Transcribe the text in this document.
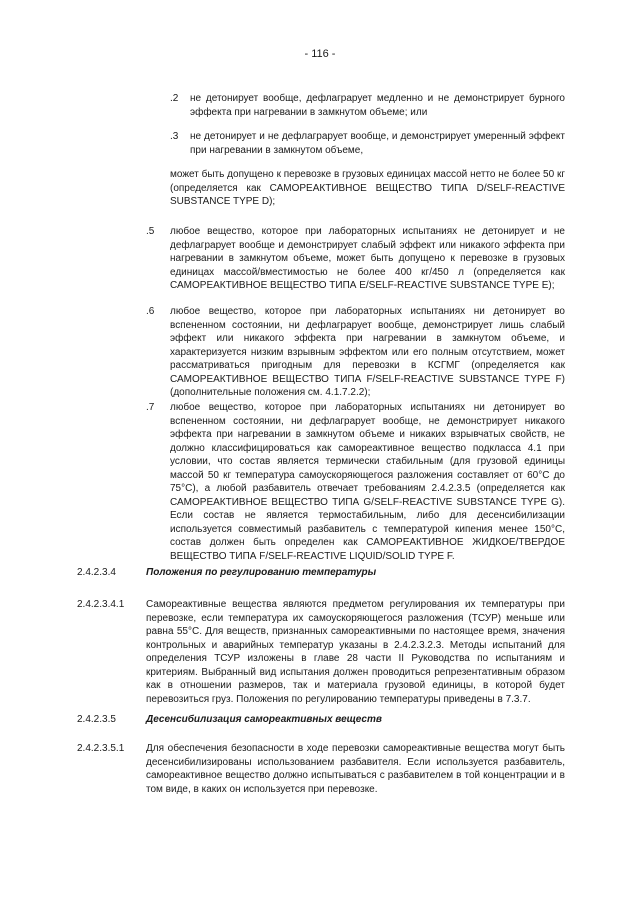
- 116 -
.2 не детонирует вообще, дефлаграрует медленно и не демонстрирует бурного эффекта при нагревании в замкнутом объеме; или
.3 не детонирует и не дефлаграрует вообще, и демонстрирует умеренный эффект при нагревании в замкнутом объеме,
может быть допущено к перевозке в грузовых единицах массой нетто не более 50 кг (определяется как САМОРЕАКТИВНОЕ ВЕЩЕСТВО ТИПА D/SELF-REACTIVE SUBSTANCE TYPE D);
.5 любое вещество, которое при лабораторных испытаниях не детонирует и не дефлаграрует вообще и демонстрирует слабый эффект или никакого эффекта при нагревании в замкнутом объеме, может быть допущено к перевозке в грузовых единицах массой/вместимостью не более 400 кг/450 л (определяется как САМОРЕАКТИВНОЕ ВЕЩЕСТВО ТИПА E/SELF-REACTIVE SUBSTANCE TYPE E);
.6 любое вещество, которое при лабораторных испытаниях ни детонирует во вспененном состоянии, ни дефлаграрует вообще, демонстрирует лишь слабый эффект или никакого эффекта при нагревании в замкнутом объеме, и характеризуется низким взрывным эффектом или его полным отсутствием, может рассматриваться пригодным для перевозки в КСГМГ (определяется как САМОРЕАКТИВНОЕ ВЕЩЕСТВО ТИПА F/SELF-REACTIVE SUBSTANCE TYPE F) (дополнительные положения см. 4.1.7.2.2);
.7 любое вещество, которое при лабораторных испытаниях ни детонирует во вспененном состоянии, ни дефлаграрует вообще, не демонстрирует никакого эффекта при нагревании в замкнутом объеме и никаких взрывчатых свойств, не должно классифицироваться как самореактивное вещество подкласса 4.1 при условии, что состав является термически стабильным (для грузовой единицы массой 50 кг температура самоускоряющегося разложения составляет от 60°C до 75°C), а любой разбавитель отвечает требованиям 2.4.2.3.5 (определяется как САМОРЕАКТИВНОЕ ВЕЩЕСТВО ТИПА G/SELF-REACTIVE SUBSTANCE TYPE G). Если состав не является термостабильным, либо для десенсибилизации используется совместимый разбавитель с температурой кипения менее 150°C, состав должен быть определен как САМОРЕАКТИВНОЕ ЖИДКОЕ/ТВЕРДОЕ ВЕЩЕСТВО ТИПА F/SELF-REACTIVE LIQUID/SOLID TYPE F.
2.4.2.3.4	Положения по регулированию температуры
2.4.2.3.4.1 Самореактивные вещества являются предметом регулирования их температуры при перевозке, если температура их самоускоряющегося разложения (ТСУР) меньше или равна 55°C. Для веществ, признанных самореактивными по настоящее время, значения контрольных и аварийных температур указаны в 2.4.2.3.2.3. Методы испытаний для определения ТСУР изложены в главе 28 части II Руководства по испытаниям и критериям. Выбранный вид испытания должен проводиться репрезентативным образом как в отношении размеров, так и материала грузовой единицы, в которой будет перевозиться груз. Положения по регулированию температуры приведены в 7.3.7.
2.4.2.3.5	Десенсибилизация самореактивных веществ
2.4.2.3.5.1 Для обеспечения безопасности в ходе перевозки самореактивные вещества могут быть десенсибилизированы использованием разбавителя. Если используется разбавитель, самореактивное вещество должно испытываться с разбавителем в той концентрации и в том виде, в каких он используется при перевозке.
